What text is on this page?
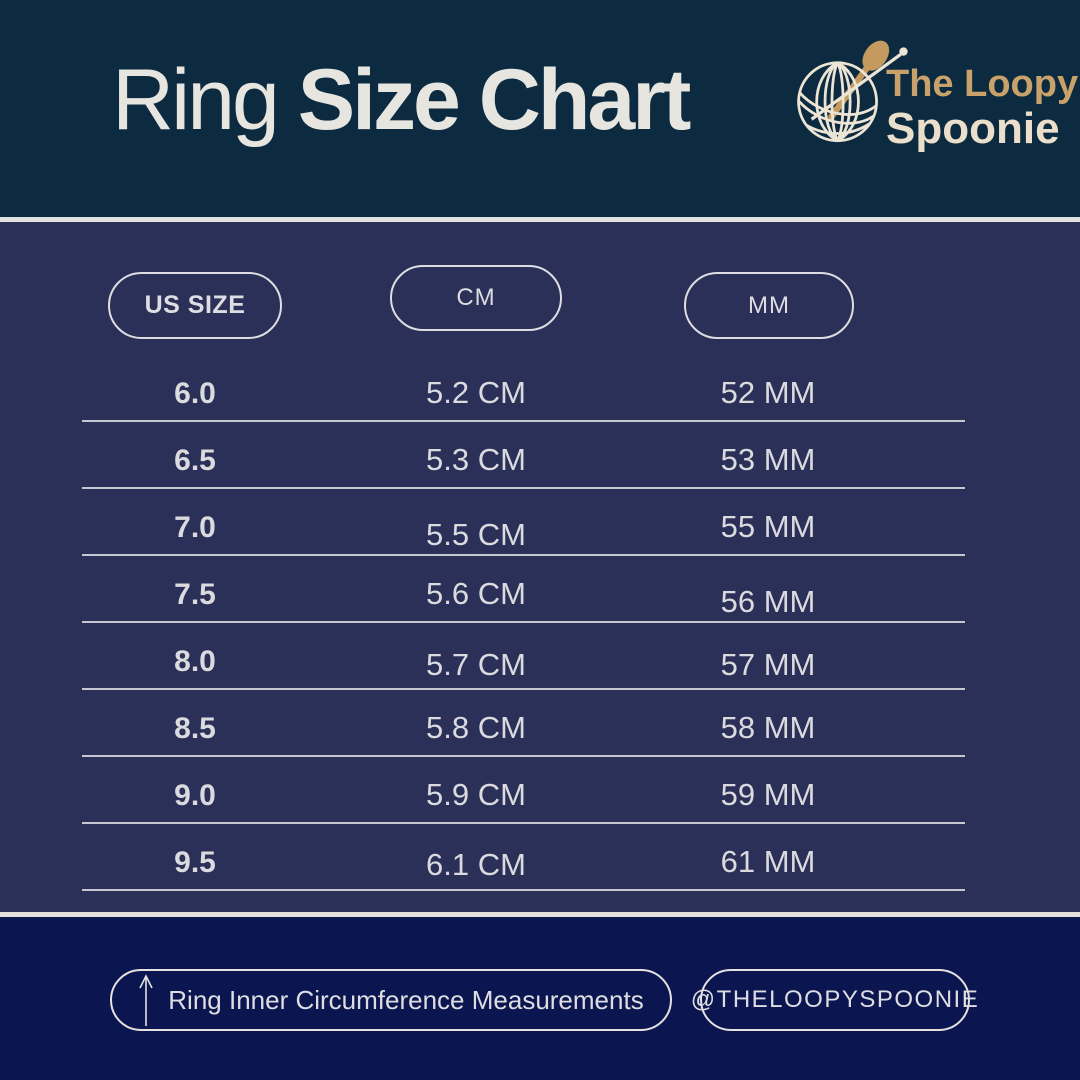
Ring Size Chart	The Loopy
Spoonie
US SIZE	CM	MM
6.0	5.2 CM	52 MM
6.5	5.3 CM	53 MM
7.0	5.5 CM	55 MM
7.5	5.6 CM	56 MM
8.0	5.7 CM	57 MM
8.5	5.8 CM	58 MM
9.0	5.9 CM	59 MM
9.5	6.1 CM	61 MM
Ring Inner Circumference Measurements @THELOOPYSPOONIE
